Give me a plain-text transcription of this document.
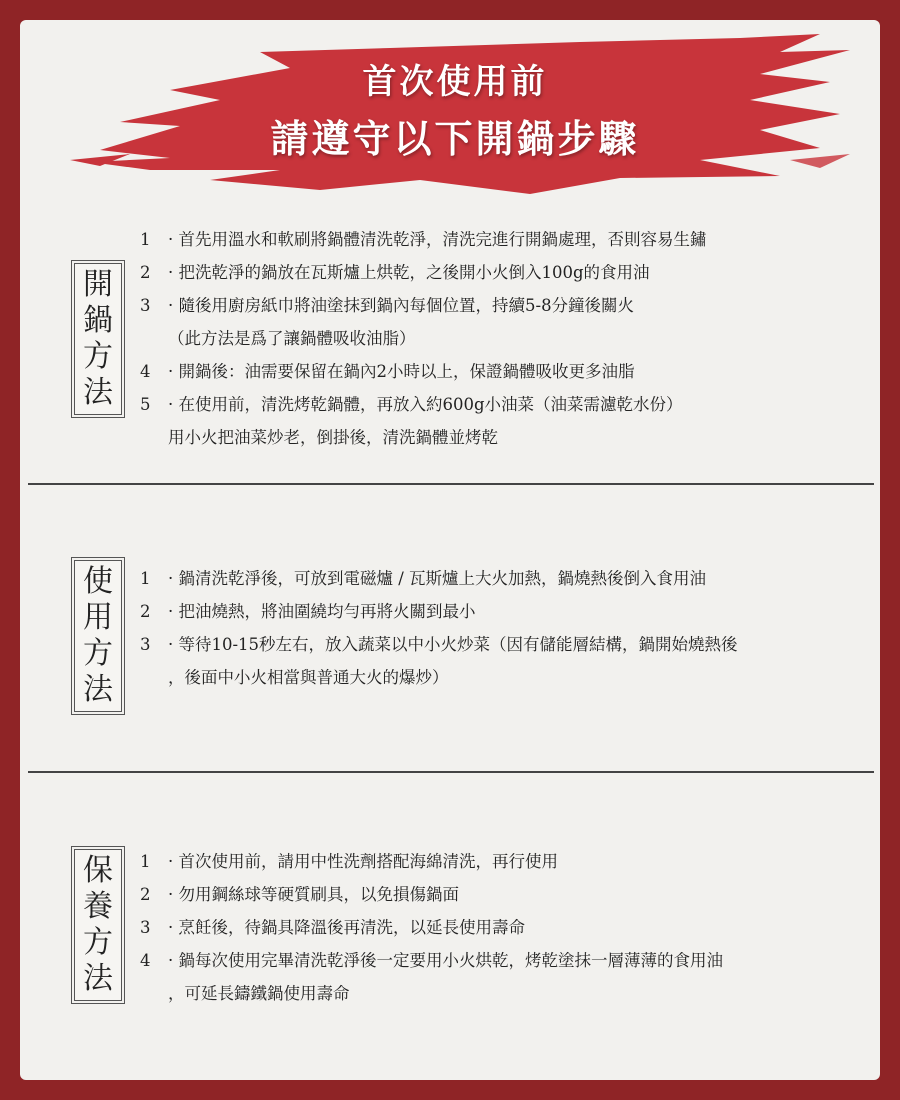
首次使用前
請遵守以下開鍋步驟
開
鍋
方
法
1 · 首先用溫水和軟刷將鍋體清洗乾淨，清洗完進行開鍋處理，否則容易生鏽
2 · 把洗乾淨的鍋放在瓦斯爐上烘乾，之後開小火倒入100g的食用油
3 · 隨後用廚房紙巾將油塗抹到鍋內每個位置，持續5-8分鐘後關火
（此方法是爲了讓鍋體吸收油脂）
4 · 開鍋後：油需要保留在鍋內2小時以上，保證鍋體吸收更多油脂
5 · 在使用前，清洗烤乾鍋體，再放入約600g小油菜（油菜需濾乾水份）
用小火把油菜炒老，倒掛後，清洗鍋體並烤乾
使
用
方
法
1 · 鍋清洗乾淨後，可放到電磁爐 / 瓦斯爐上大火加熱，鍋燒熱後倒入食用油
2 · 把油燒熱，將油圍繞均勻再將火關到最小
3 · 等待10-15秒左右，放入蔬菜以中小火炒菜（因有儲能層結構，鍋開始燒熱後
，後面中小火相當與普通大火的爆炒）
保
養
方
法
1 · 首次使用前，請用中性洗劑搭配海綿清洗，再行使用
2 · 勿用鋼絲球等硬質刷具，以免損傷鍋面
3 · 烹飪後，待鍋具降溫後再清洗，以延長使用壽命
4 · 鍋每次使用完畢清洗乾淨後一定要用小火烘乾，烤乾塗抹一層薄薄的食用油
，可延長鑄鐵鍋使用壽命
